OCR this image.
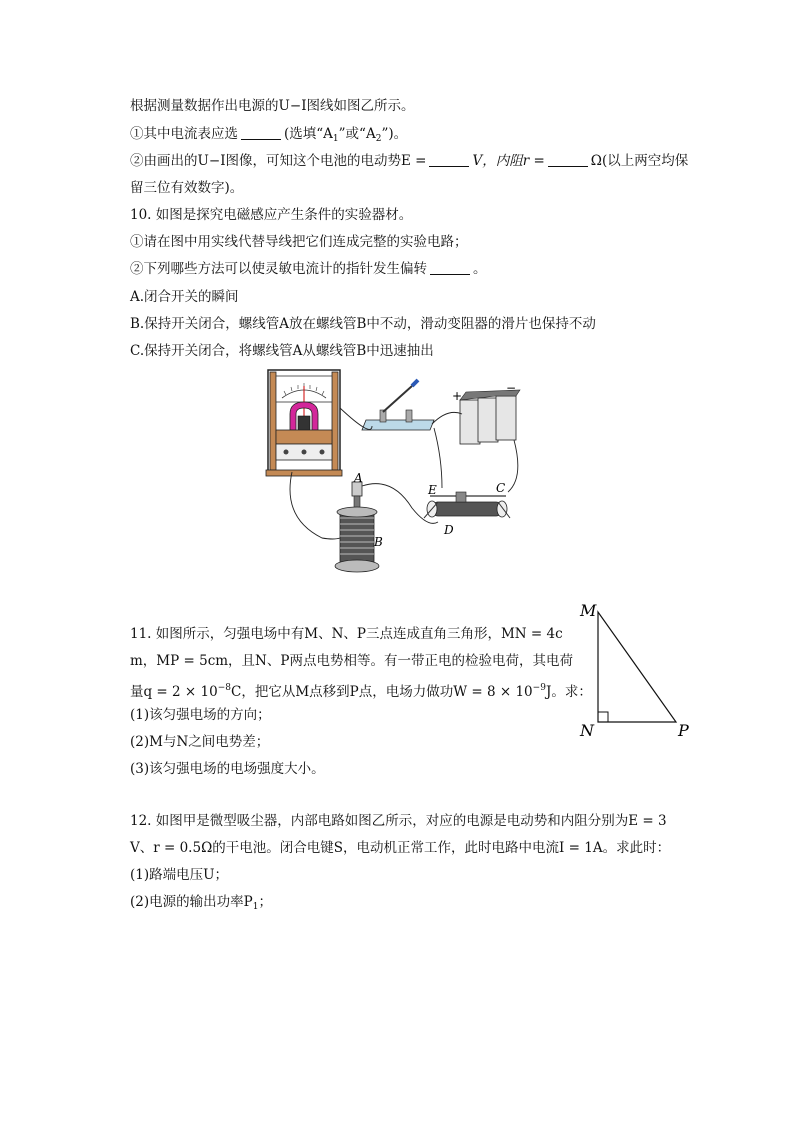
根据测量数据作出电源的U−I图线如图乙所示。
①其中电流表应选	(选填“$A_1$”或“$A_2$”)。
②由画出的U−I图像，可知这个电池的电动势E =	V，内阻r =	Ω(以上两空均保
留三位有效数字)。
10. 如图是探究电磁感应产生条件的实验器材。
①请在图中用实线代替导线把它们连成完整的实验电路；
②下列哪些方法可以使灵敏电流计的指针发生偏转	。
A.闭合开关的瞬间
B.保持开关闭合，螺线管A放在螺线管B中不动，滑动变阻器的滑片也保持不动
C.保持开关闭合，将螺线管A从螺线管B中迅速抽出
+
−
E	C
D
A
B
11. 如图所示，匀强电场中有M、N、P三点连成直角三角形，MN = 4c
m，MP = 5cm，且N、P两点电势相等。有一带正电的检验电荷，其电荷
量$q = 2 \times 10^{-8}C$，把它从M点移到P点，电场力做功$W = 8 \times 10^{-9}J$。求：
(1)该匀强电场的方向；
(2)M与N之间电势差；
(3)该匀强电场的电场强度大小。
M
N	P
12. 如图甲是微型吸尘器，内部电路如图乙所示，对应的电源是电动势和内阻分别为E = 3
V、r = 0.5Ω的干电池。闭合电键S，电动机正常工作，此时电路中电流I = 1A。求此时：
(1)路端电压U；
(2)电源的输出功率$P_1$；
